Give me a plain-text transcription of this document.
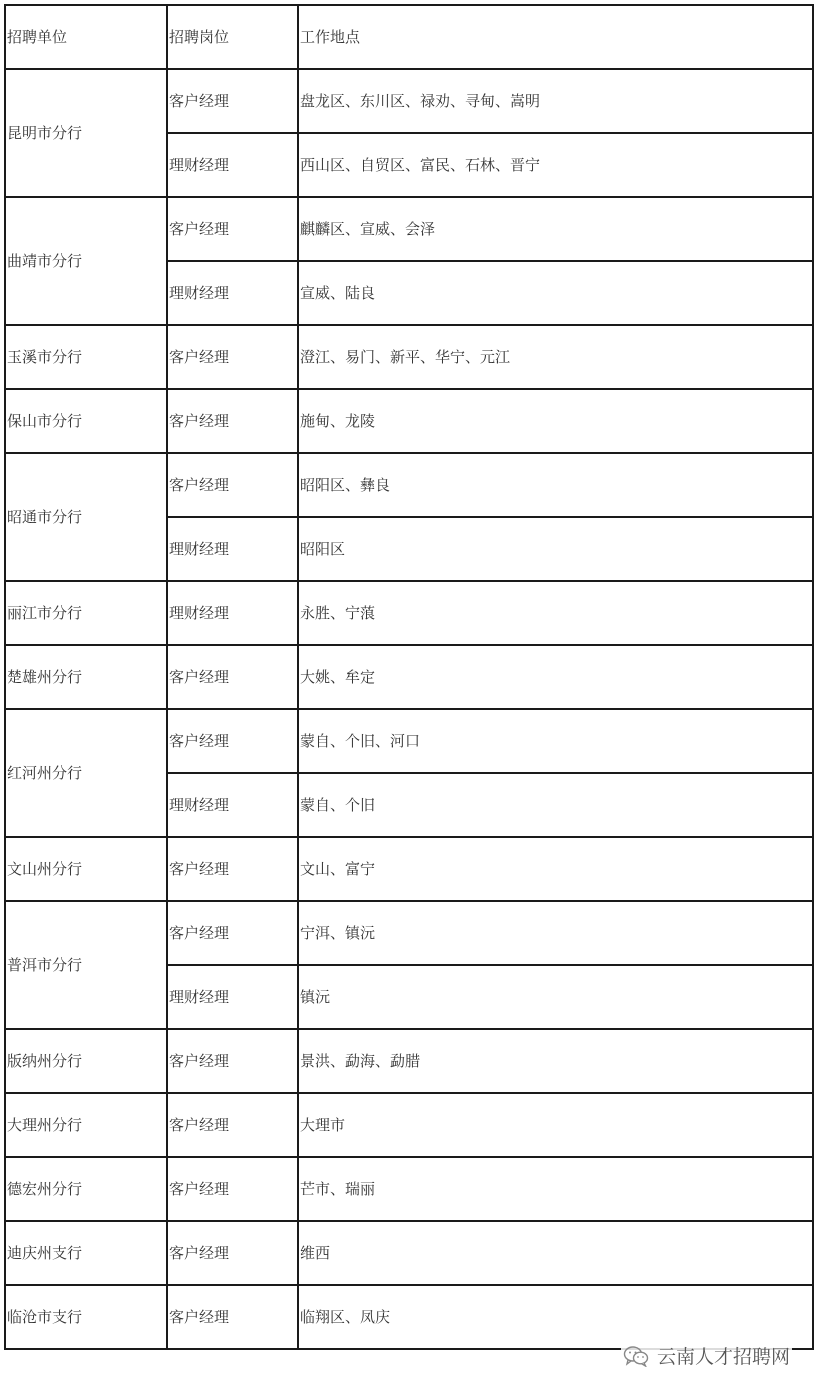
招聘单位	招聘岗位	工作地点
昆明市分行	客户经理	盘龙区、东川区、禄劝、寻甸、嵩明
	理财经理	西山区、自贸区、富民、石林、晋宁
曲靖市分行	客户经理	麒麟区、宣威、会泽
	理财经理	宣威、陆良
玉溪市分行	客户经理	澄江、易门、新平、华宁、元江
保山市分行	客户经理	施甸、龙陵
昭通市分行	客户经理	昭阳区、彝良
	理财经理	昭阳区
丽江市分行	理财经理	永胜、宁蒗
楚雄州分行	客户经理	大姚、牟定
红河州分行	客户经理	蒙自、个旧、河口
	理财经理	蒙自、个旧
文山州分行	客户经理	文山、富宁
普洱市分行	客户经理	宁洱、镇沅
	理财经理	镇沅
版纳州分行	客户经理	景洪、勐海、勐腊
大理州分行	客户经理	大理市
德宏州分行	客户经理	芒市、瑞丽
迪庆州支行	客户经理	维西
临沧市支行	客户经理	临翔区、凤庆
云南人才招聘网
